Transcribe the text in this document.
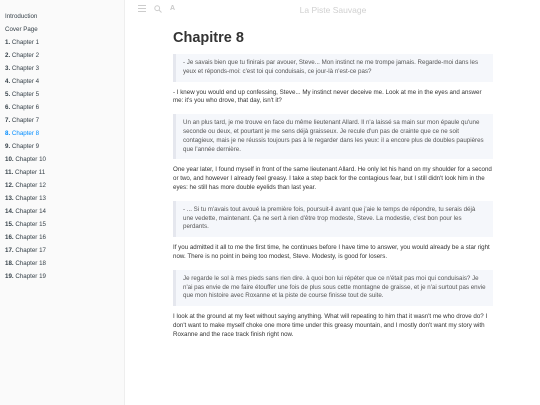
Introduction
Cover Page
1. Chapter 1
2. Chapter 2
3. Chapter 3
4. Chapter 4
5. Chapter 5
6. Chapter 6
7. Chapter 7
8. Chapter 8
9. Chapter 9
10. Chapter 10
11. Chapter 11
12. Chapter 12
13. Chapter 13
14. Chapter 14
15. Chapter 15
16. Chapter 16
17. Chapter 17
18. Chapter 18
19. Chapter 19
A	La Piste Sauvage
Chapitre 8
- Je savais bien que tu finirais par avouer, Steve... Mon instinct ne me trompe jamais. Regarde-moi dans les yeux et réponds-moi: c'est toi qui conduisais, ce jour-là n'est-ce pas?

- I knew you would end up confessing, Steve... My instinct never deceive me. Look at me in the eyes and answer me: it's you who drove, that day, isn't it?

Un an plus tard, je me trouve en face du même lieutenant Allard. Il n'a laissé sa main sur mon épaule qu'une seconde ou deux, et pourtant je me sens déjà graisseux. Je recule d'un pas de crainte que ce ne soit contagieux, mais je ne réussis toujours pas à le regarder dans les yeux: il a encore plus de doubles paupières que l'année dernière.

One year later, I found myself in front of the same lieutenant Allard. He only let his hand on my shoulder for a second or two, and however I already feel greasy. I take a step back for the contagious fear, but I still didn't look him in the eyes: he still has more double eyelids than last year.

- ... Si tu m'avais tout avoué la première fois, poursuit-il avant que j'aie le temps de répondre, tu serais déjà une vedette, maintenant. Ça ne sert à rien d'être trop modeste, Steve. La modestie, c'est bon pour les perdants.

If you admitted it all to me the first time, he continues before I have time to answer, you would already be a star right now. There is no point in being too modest, Steve. Modesty, is good for losers.

Je regarde le sol à mes pieds sans rien dire. à quoi bon lui répéter que ce n'était pas moi qui conduisais? Je n'ai pas envie de me faire étouffer une fois de plus sous cette montagne de graisse, et je n'ai surtout pas envie que mon histoire avec Roxanne et la piste de course finisse tout de suite.

I look at the ground at my feet without saying anything. What will repeating to him that it wasn't me who drove do? I don't want to make myself choke one more time under this greasy mountain, and I mostly don't want my story with Roxanne and the race track finish right now.
